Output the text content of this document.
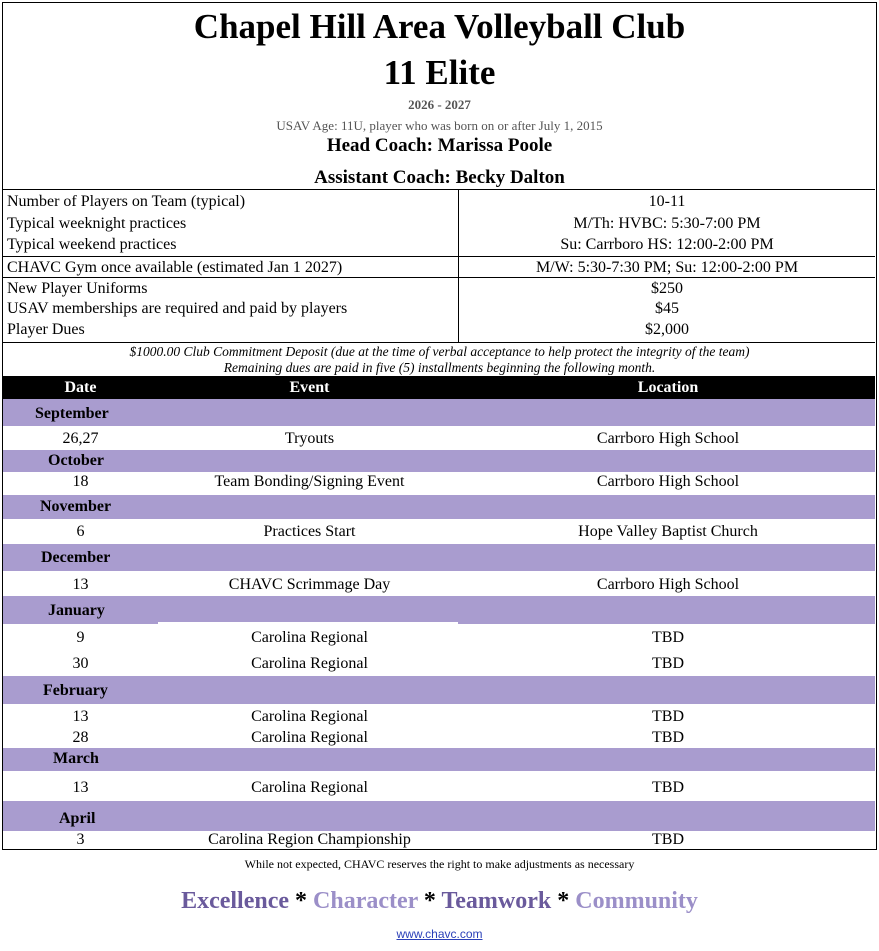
Chapel Hill Area Volleyball Club
11 Elite
2026 - 2027
USAV Age: 11U, player who was born on or after July 1, 2015
Head Coach: Marissa Poole
Assistant Coach: Becky Dalton
Number of Players on Team (typical)	10-11
Typical weeknight practices	M/Th: HVBC: 5:30-7:00 PM
Typical weekend practices	Su: Carrboro HS: 12:00-2:00 PM
CHAVC Gym once available (estimated Jan 1 2027)	M/W: 5:30-7:30 PM; Su: 12:00-2:00 PM
New Player Uniforms	$250
USAV memberships are required and paid by players	$45
Player Dues	$2,000
$1000.00 Club Commitment Deposit (due at the time of verbal acceptance to help protect the integrity of the team)
Remaining dues are paid in five (5) installments beginning the following month.
Date	Event	Location
September
26,27	Tryouts	Carrboro High School
October
18	Team Bonding/Signing Event	Carrboro High School
November
6	Practices Start	Hope Valley Baptist Church
December
13	CHAVC Scrimmage Day	Carrboro High School
January
9	Carolina Regional	TBD
30	Carolina Regional	TBD
February
13	Carolina Regional	TBD
28	Carolina Regional	TBD
March
13	Carolina Regional	TBD
April
3	Carolina Region Championship	TBD
While not expected, CHAVC reserves the right to make adjustments as necessary
Excellence * Character * Teamwork * Community
www.chavc.com
